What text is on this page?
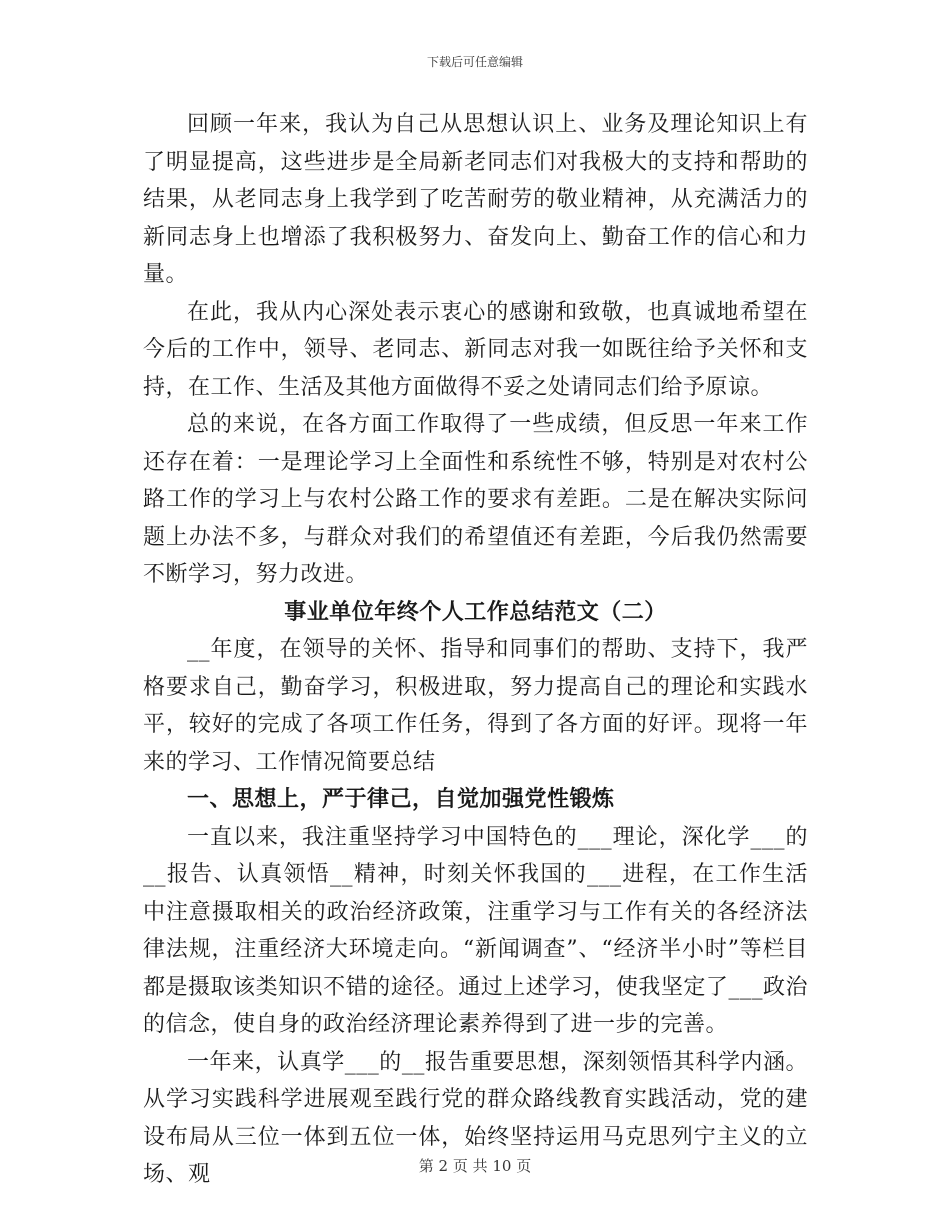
下载后可任意编辑

回顾一年来，我认为自己从思想认识上、业务及理论知识上有了明显提高，这些进步是全局新老同志们对我极大的支持和帮助的结果，从老同志身上我学到了吃苦耐劳的敬业精神，从充满活力的新同志身上也增添了我积极努力、奋发向上、勤奋工作的信心和力量。

在此，我从内心深处表示衷心的感谢和致敬，也真诚地希望在今后的工作中，领导、老同志、新同志对我一如既往给予关怀和支持，在工作、生活及其他方面做得不妥之处请同志们给予原谅。

总的来说，在各方面工作取得了一些成绩，但反思一年来工作还存在着：一是理论学习上全面性和系统性不够，特别是对农村公路工作的学习上与农村公路工作的要求有差距。二是在解决实际问题上办法不多，与群众对我们的希望值还有差距，今后我仍然需要不断学习，努力改进。

事业单位年终个人工作总结范文（二）

__年度，在领导的关怀、指导和同事们的帮助、支持下，我严格要求自己，勤奋学习，积极进取，努力提高自己的理论和实践水平，较好的完成了各项工作任务，得到了各方面的好评。现将一年来的学习、工作情况简要总结

一、思想上，严于律己，自觉加强党性锻炼

一直以来，我注重坚持学习中国特色的___理论，深化学___的__报告、认真领悟__精神，时刻关怀我国的___进程，在工作生活中注意摄取相关的政治经济政策，注重学习与工作有关的各经济法律法规，注重经济大环境走向。“新闻调查”、“经济半小时”等栏目都是摄取该类知识不错的途径。通过上述学习，使我坚定了___政治的信念，使自身的政治经济理论素养得到了进一步的完善。

一年来，认真学___的__报告重要思想，深刻领悟其科学内涵。从学习实践科学进展观至践行党的群众路线教育实践活动，党的建设布局从三位一体到五位一体，始终坚持运用马克思列宁主义的立场、观	第 2 页 共 10 页
